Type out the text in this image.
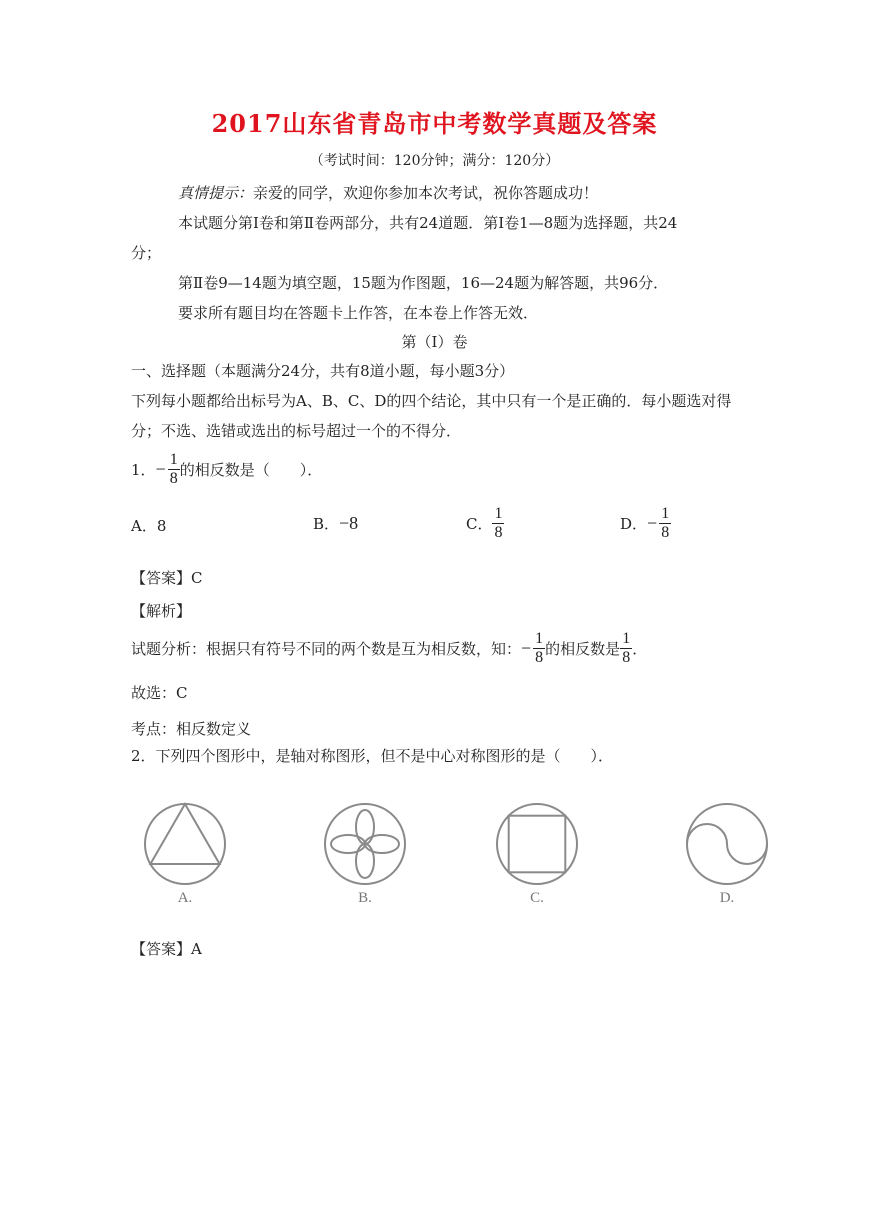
2017山东省青岛市中考数学真题及答案
（考试时间：120分钟；满分：120分）
真情提示：亲爱的同学，欢迎你参加本次考试，祝你答题成功！
本试题分第Ⅰ卷和第Ⅱ卷两部分，共有24道题．第Ⅰ卷1—8题为选择题，共24
分；
第Ⅱ卷9—14题为填空题，15题为作图题，16—24题为解答题，共96分．
要求所有题目均在答题卡上作答，在本卷上作答无效．
第（Ⅰ）卷
一、选择题（本题满分24分，共有8道小题，每小题3分）
下列每小题都给出标号为A、B、C、D的四个结论，其中只有一个是正确的．每小题选对得
分；不选、选错或选出的标号超过一个的不得分．
1．− $\frac{1}{8}$ 的相反数是（　　）．
A．8	B．−8	C． $\frac{1}{8}$	D．− $\frac{1}{8}$
【答案】C
【解析】
试题分析：根据只有符号不同的两个数是互为相反数，知：− $\frac{1}{8}$ 的相反数是 $\frac{1}{8}$ ．
故选：C
考点：相反数定义
2．下列四个图形中，是轴对称图形，但不是中心对称图形的是（　　）．
A.	B.	C.	D.
【答案】A
